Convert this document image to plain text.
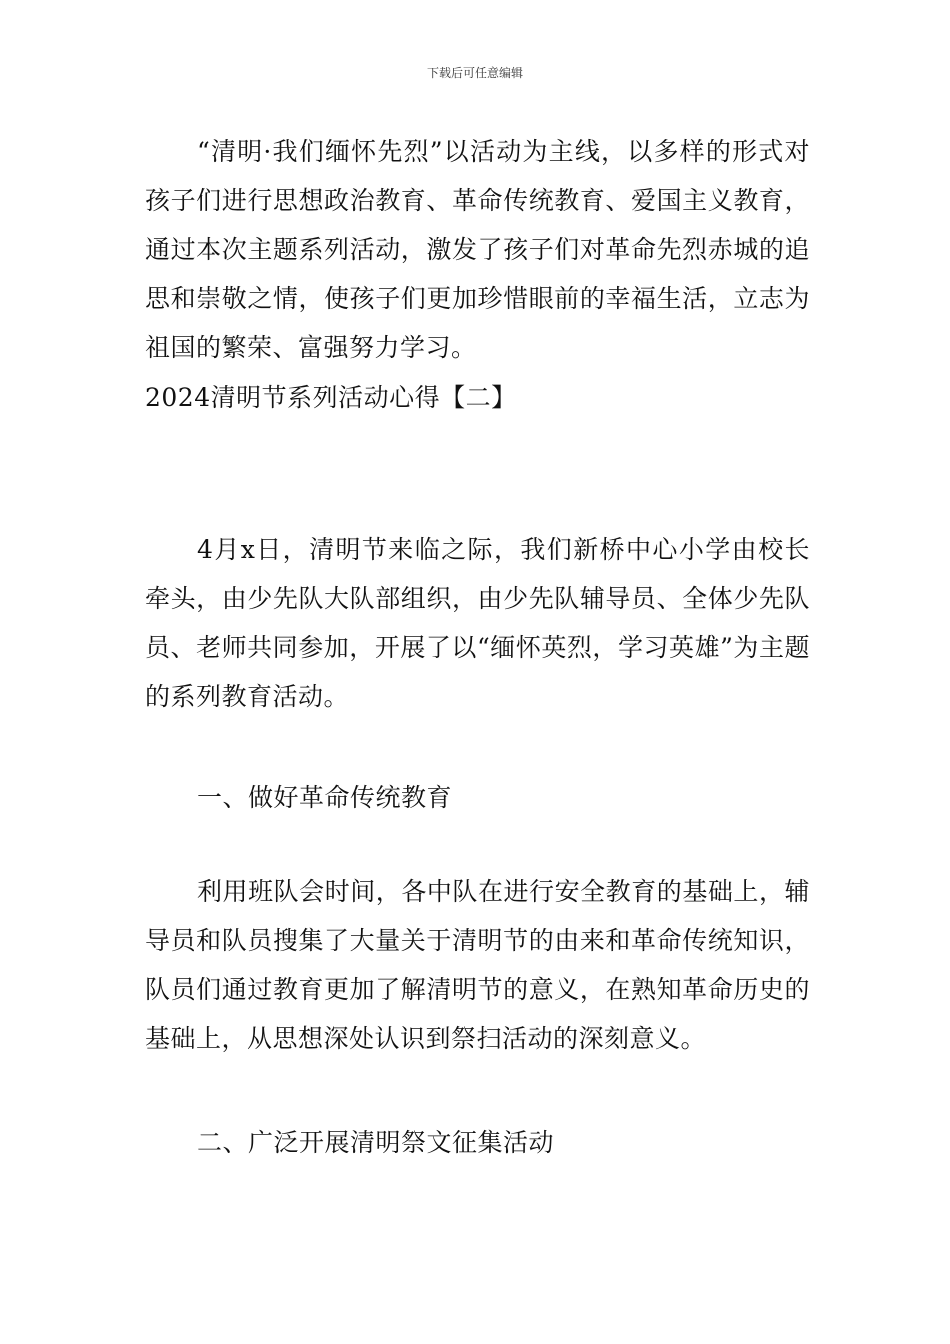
下载后可任意编辑

“清明·我们缅怀先烈”以活动为主线，以多样的形式对孩子们进行思想政治教育、革命传统教育、爱国主义教育，通过本次主题系列活动，激发了孩子们对革命先烈赤城的追思和崇敬之情，使孩子们更加珍惜眼前的幸福生活，立志为祖国的繁荣、富强努力学习。

2024清明节系列活动心得【二】

4月x日，清明节来临之际，我们新桥中心小学由校长牵头，由少先队大队部组织，由少先队辅导员、全体少先队员、老师共同参加，开展了以“缅怀英烈，学习英雄”为主题的系列教育活动。

一、做好革命传统教育

利用班队会时间，各中队在进行安全教育的基础上，辅导员和队员搜集了大量关于清明节的由来和革命传统知识，队员们通过教育更加了解清明节的意义，在熟知革命历史的基础上，从思想深处认识到祭扫活动的深刻意义。

二、广泛开展清明祭文征集活动
